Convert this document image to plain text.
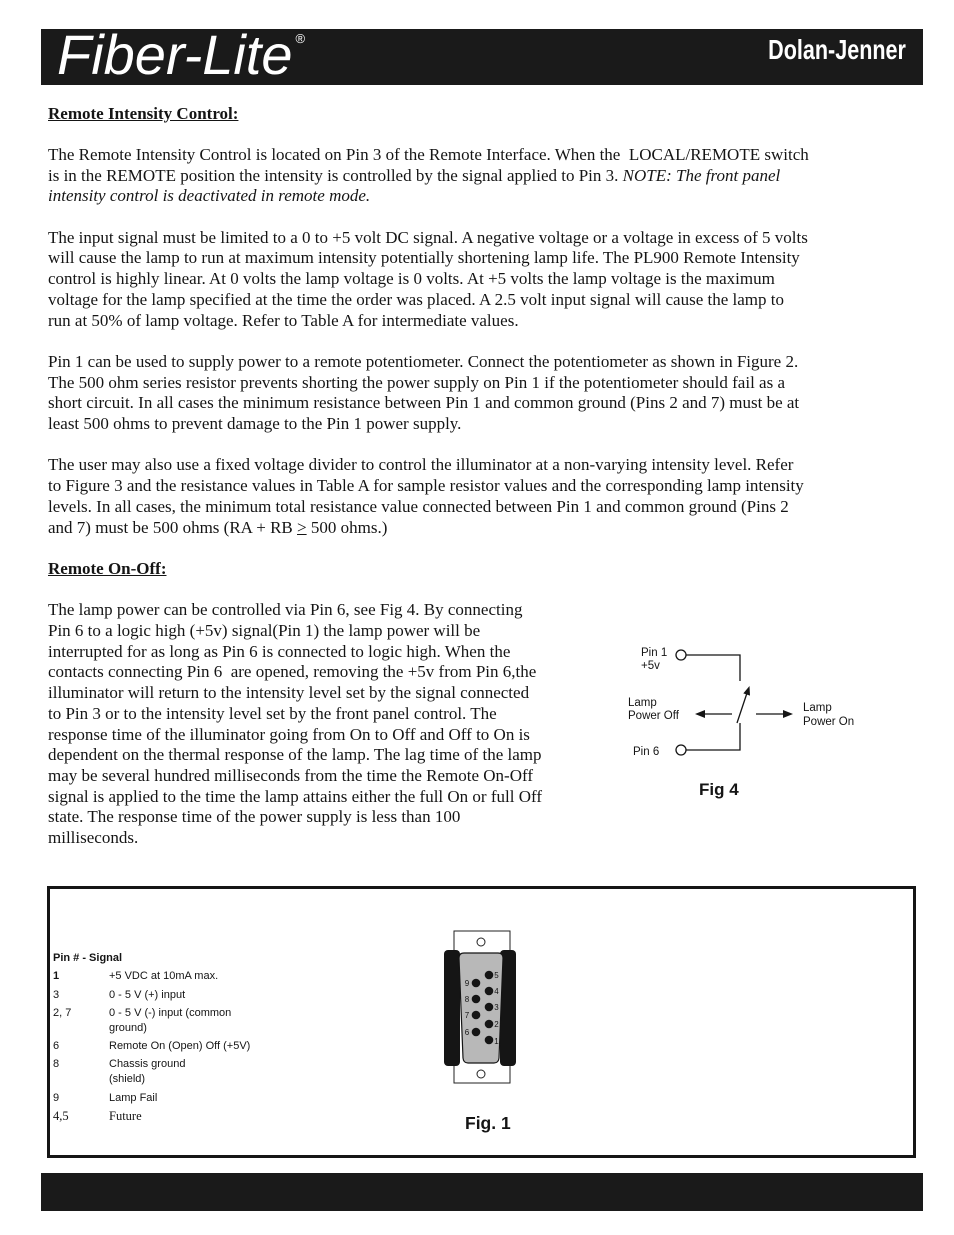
Fiber-Lite ®	Dolan-Jenner
Remote Intensity Control:
The Remote Intensity Control is located on Pin 3 of the Remote Interface. When the  LOCAL/REMOTE switch
is in the REMOTE position the intensity is controlled by the signal applied to Pin 3. NOTE: The front panel
intensity control is deactivated in remote mode.
The input signal must be limited to a 0 to +5 volt DC signal. A negative voltage or a voltage in excess of 5 volts
will cause the lamp to run at maximum intensity potentially shortening lamp life. The PL900 Remote Intensity
control is highly linear. At 0 volts the lamp voltage is 0 volts. At +5 volts the lamp voltage is the maximum
voltage for the lamp specified at the time the order was placed. A 2.5 volt input signal will cause the lamp to
run at 50% of lamp voltage. Refer to Table A for intermediate values.
Pin 1 can be used to supply power to a remote potentiometer. Connect the potentiometer as shown in Figure 2.
The 500 ohm series resistor prevents shorting the power supply on Pin 1 if the potentiometer should fail as a
short circuit. In all cases the minimum resistance between Pin 1 and common ground (Pins 2 and 7) must be at
least 500 ohms to prevent damage to the Pin 1 power supply.
The user may also use a fixed voltage divider to control the illuminator at a non-varying intensity level. Refer
to Figure 3 and the resistance values in Table A for sample resistor values and the corresponding lamp intensity
levels. In all cases, the minimum total resistance value connected between Pin 1 and common ground (Pins 2
and 7) must be 500 ohms (RA + RB ≥ 500 ohms.)
Remote On-Off:
The lamp power can be controlled via Pin 6, see Fig 4. By connecting
Pin 6 to a logic high (+5v) signal(Pin 1) the lamp power will be
interrupted for as long as Pin 6 is connected to logic high. When the
contacts connecting Pin 6  are opened, removing the +5v from Pin 6,the
illuminator will return to the intensity level set by the signal connected
to Pin 3 or to the intensity level set by the front panel control. The
response time of the illuminator going from On to Off and Off to On is
dependent on the thermal response of the lamp. The lag time of the lamp
may be several hundred milliseconds from the time the Remote On-Off
signal is applied to the time the lamp attains either the full On or full Off
state. The response time of the power supply is less than 100
milliseconds.
Pin 1
+5v
Pin 6
Lamp
Power Off
Lamp
Power On
Fig 4
Pin # - Signal
1	+5 VDC at 10mA max.
3	0 - 5 V (+) input
2, 7	0 - 5 V (-) input (common
ground)
6	Remote On (Open) Off (+5V)
8	Chassis ground
(shield)
9	Lamp Fail
4,5	Future
9
8
7
6
5
4
3
2
1
Fig. 1
